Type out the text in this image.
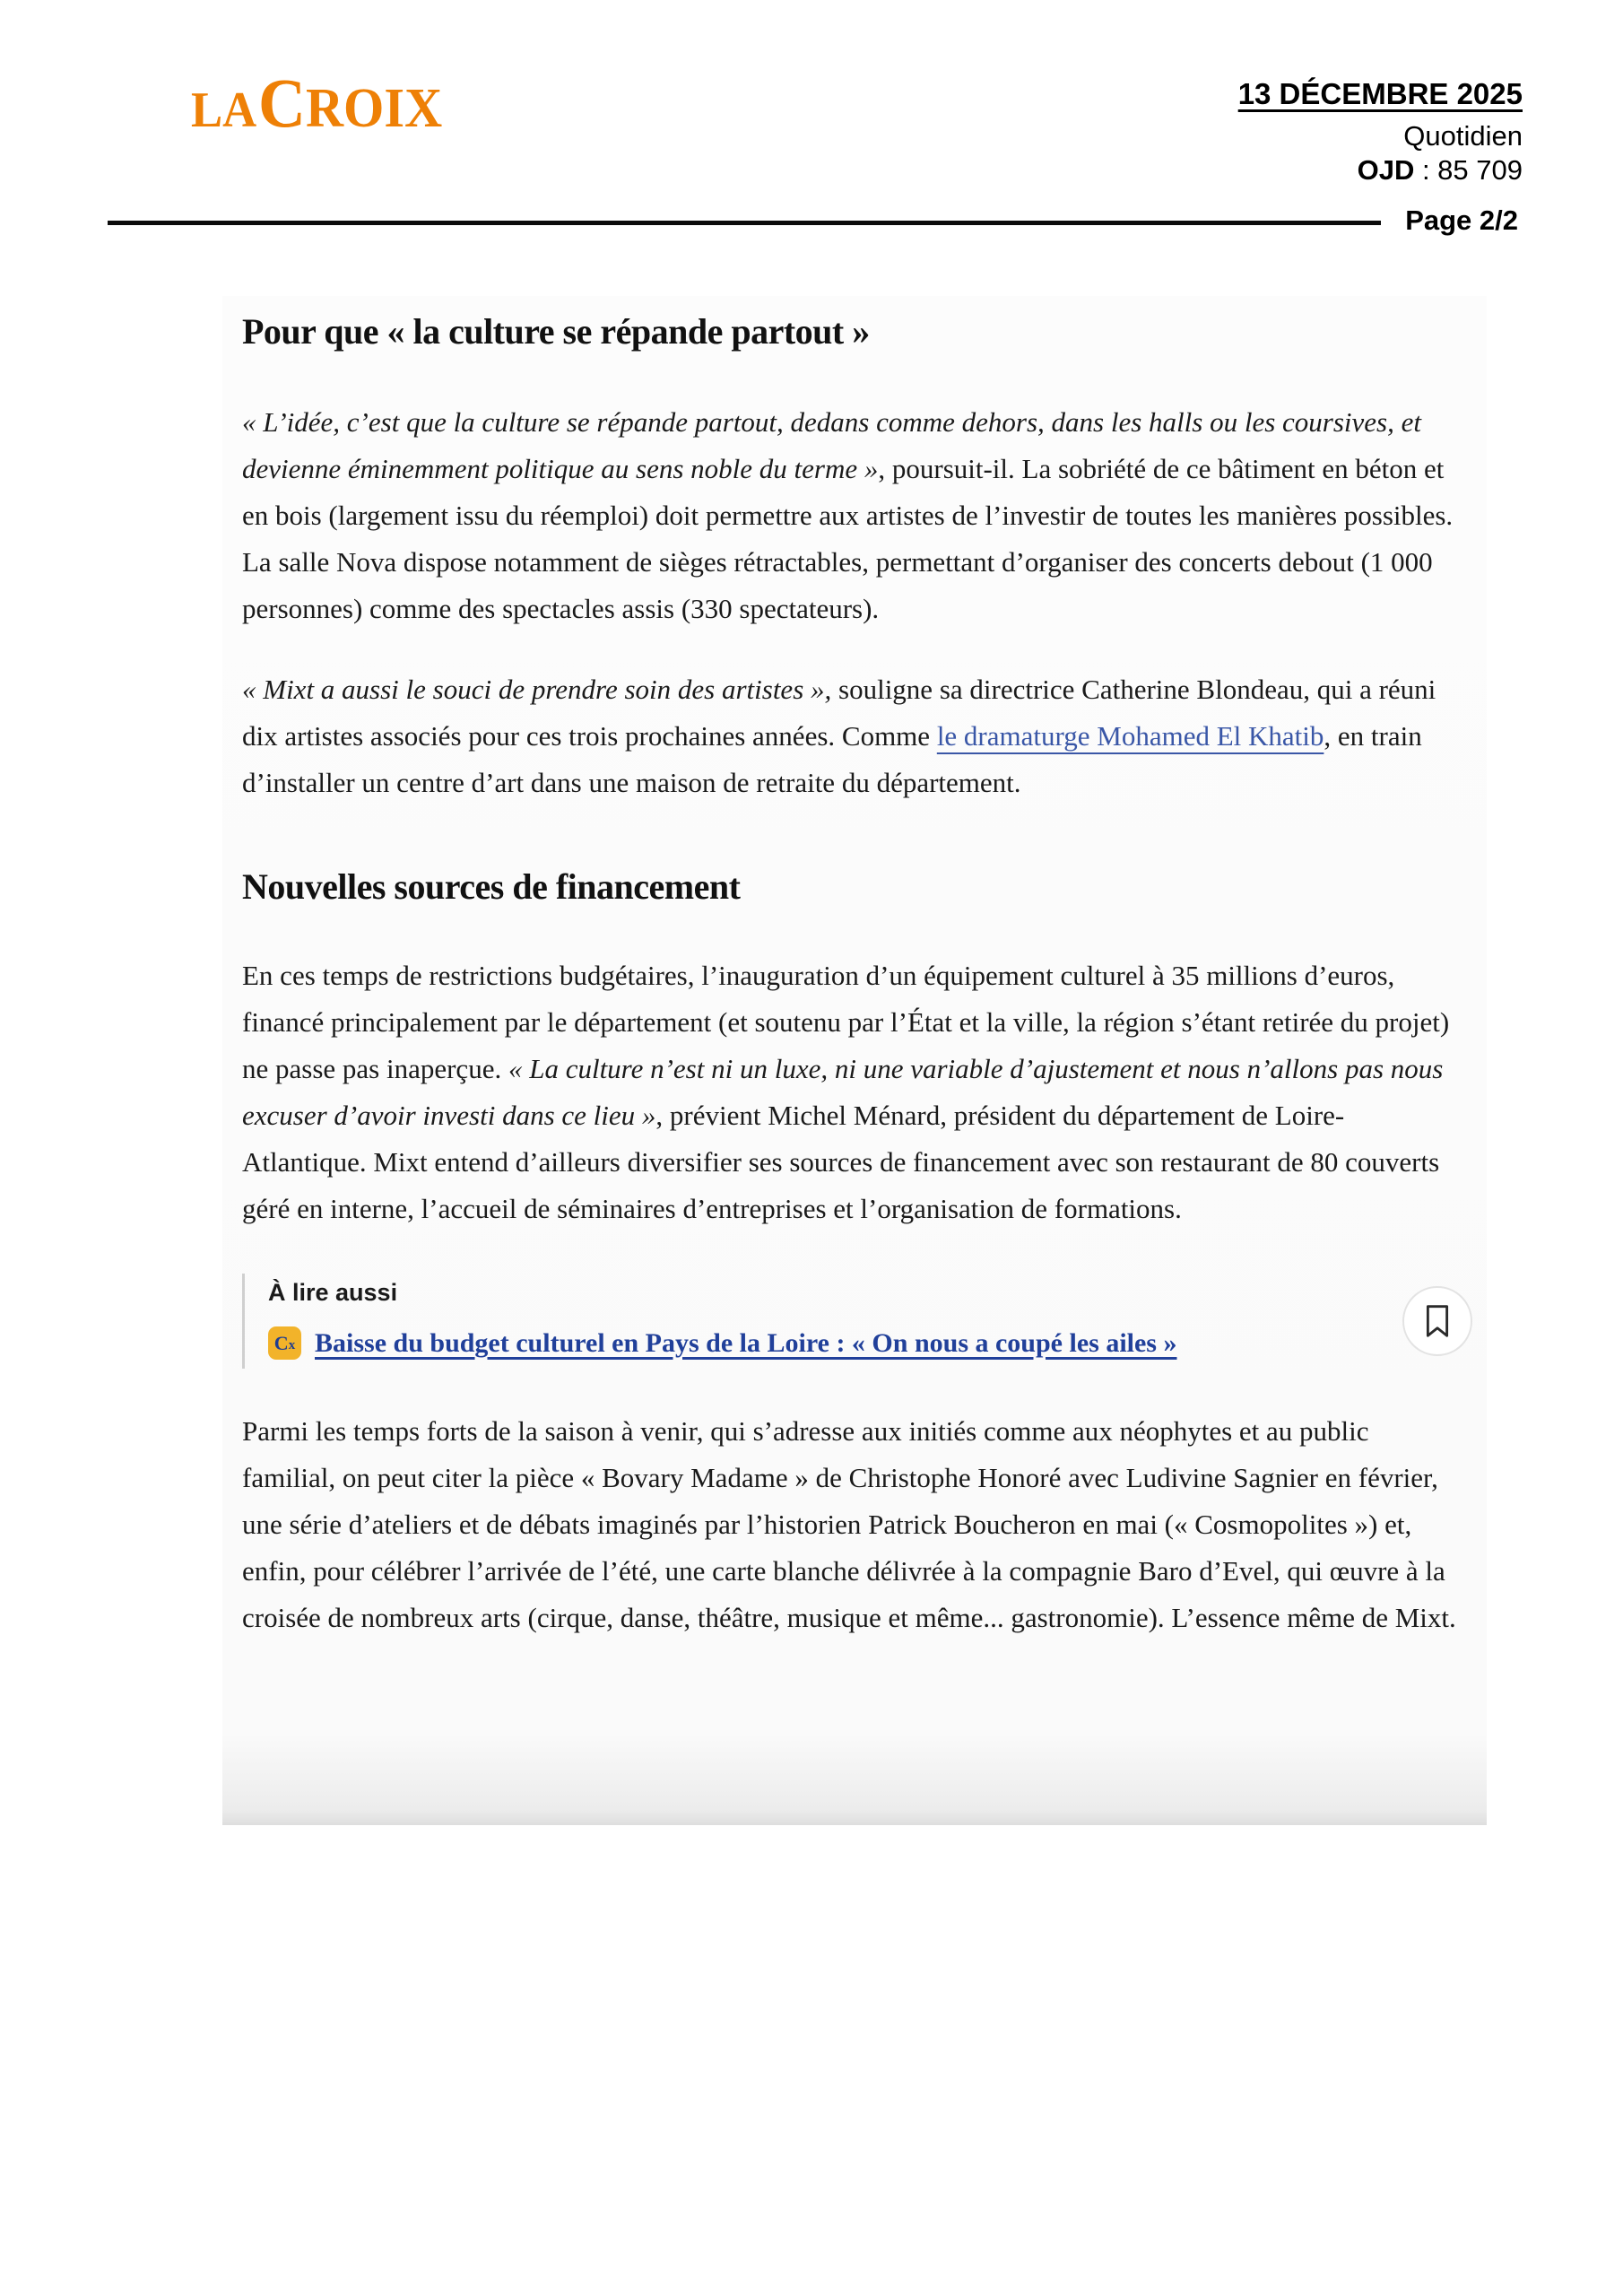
LACROIX	13 DÉCEMBRE 2025
Quotidien
OJD : 85 709
Page 2/2
Pour que « la culture se répande partout »

« L’idée, c’est que la culture se répande partout, dedans comme dehors, dans les halls ou les coursives, et devienne éminemment politique au sens noble du terme », poursuit-il. La sobriété de ce bâtiment en béton et en bois (largement issu du réemploi) doit permettre aux artistes de l’investir de toutes les manières possibles. La salle Nova dispose notamment de sièges rétractables, permettant d’organiser des concerts debout (1 000 personnes) comme des spectacles assis (330 spectateurs).

« Mixt a aussi le souci de prendre soin des artistes », souligne sa directrice Catherine Blondeau, qui a réuni dix artistes associés pour ces trois prochaines années. Comme le dramaturge Mohamed El Khatib, en train d’installer un centre d’art dans une maison de retraite du département.

Nouvelles sources de financement

En ces temps de restrictions budgétaires, l’inauguration d’un équipement culturel à 35 millions d’euros, financé principalement par le département (et soutenu par l’État et la ville, la région s’étant retirée du projet) ne passe pas inaperçue. « La culture n’est ni un luxe, ni une variable d’ajustement et nous n’allons pas nous excuser d’avoir investi dans ce lieu », prévient Michel Ménard, président du département de Loire-Atlantique. Mixt entend d’ailleurs diversifier ses sources de financement avec son restaurant de 80 couverts géré en interne, l’accueil de séminaires d’entreprises et l’organisation de formations.

À lire aussi
C x Baisse du budget culturel en Pays de la Loire : « On nous a coupé les ailes »

Parmi les temps forts de la saison à venir, qui s’adresse aux initiés comme aux néophytes et au public familial, on peut citer la pièce « Bovary Madame » de Christophe Honoré avec Ludivine Sagnier en février, une série d’ateliers et de débats imaginés par l’historien Patrick Boucheron en mai (« Cosmopolites ») et, enfin, pour célébrer l’arrivée de l’été, une carte blanche délivrée à la compagnie Baro d’Evel, qui œuvre à la croisée de nombreux arts (cirque, danse, théâtre, musique et même... gastronomie). L’essence même de Mixt.
